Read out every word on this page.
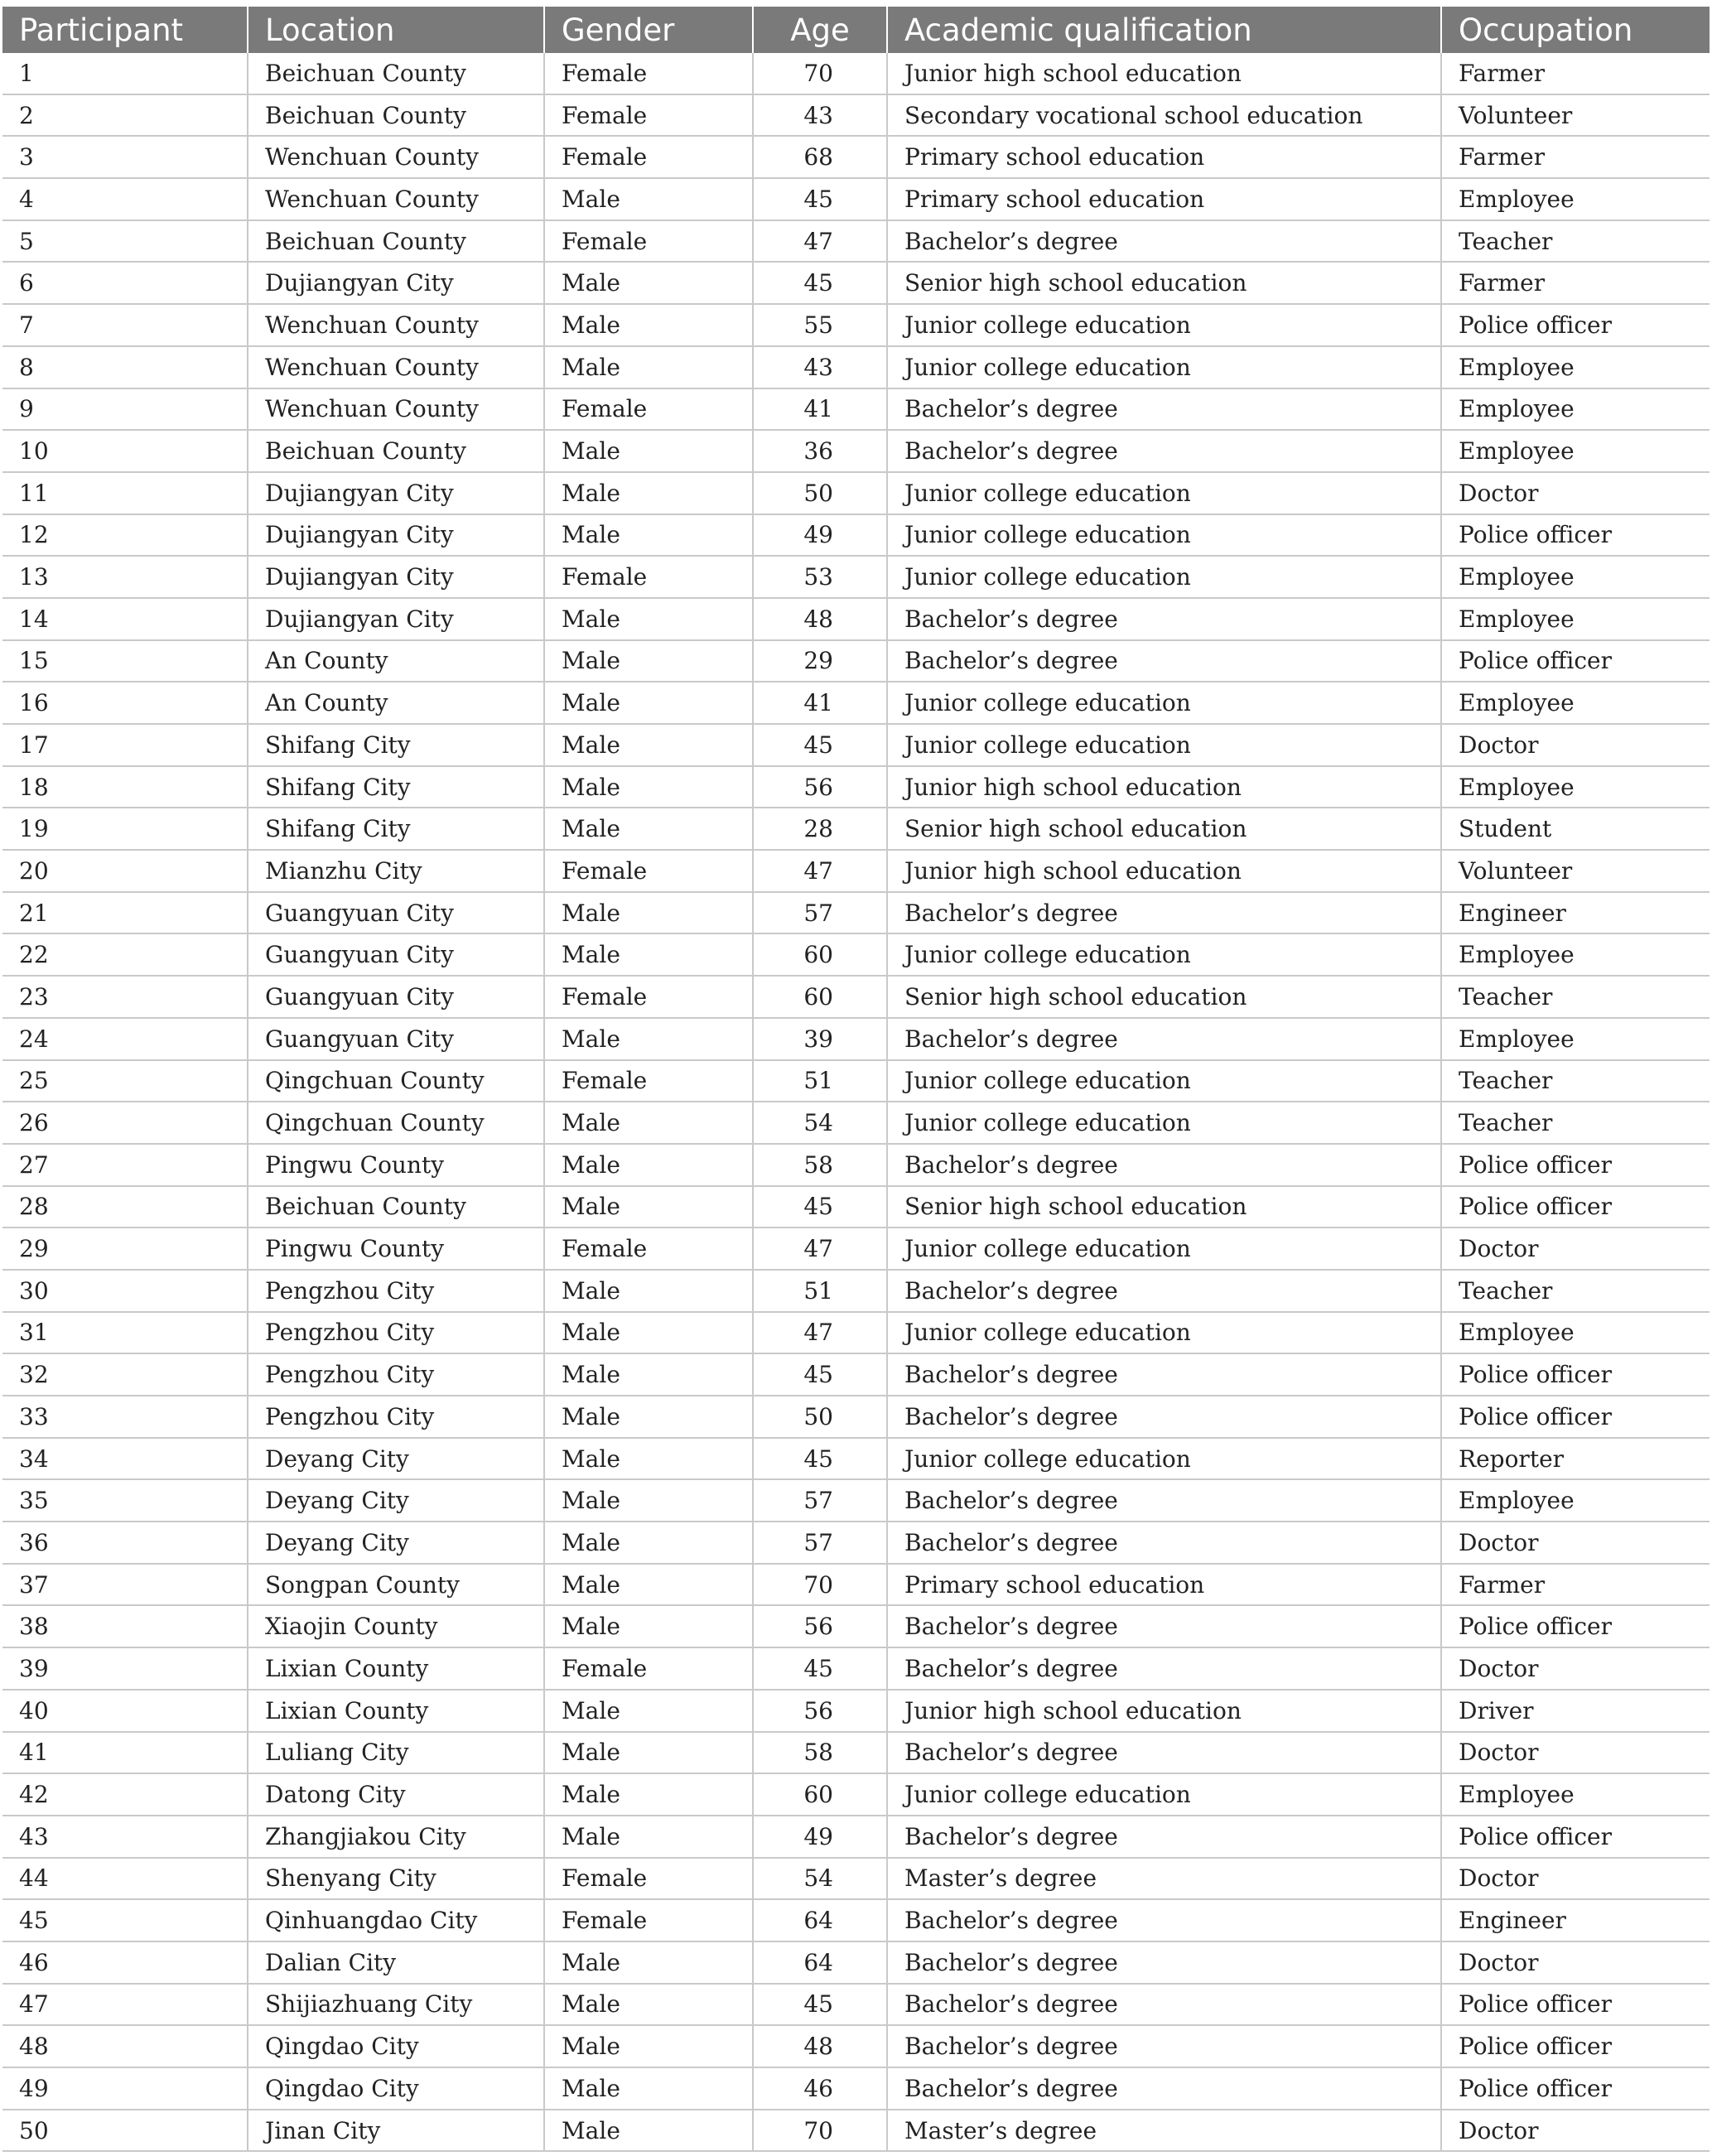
Participant	Location	Gender	Age	Academic qualification	Occupation
1	Beichuan County	Female	70	Junior high school education	Farmer
2	Beichuan County	Female	43	Secondary vocational school education	Volunteer
3	Wenchuan County	Female	68	Primary school education	Farmer
4	Wenchuan County	Male	45	Primary school education	Employee
5	Beichuan County	Female	47	Bachelor’s degree	Teacher
6	Dujiangyan City	Male	45	Senior high school education	Farmer
7	Wenchuan County	Male	55	Junior college education	Police officer
8	Wenchuan County	Male	43	Junior college education	Employee
9	Wenchuan County	Female	41	Bachelor’s degree	Employee
10	Beichuan County	Male	36	Bachelor’s degree	Employee
11	Dujiangyan City	Male	50	Junior college education	Doctor
12	Dujiangyan City	Male	49	Junior college education	Police officer
13	Dujiangyan City	Female	53	Junior college education	Employee
14	Dujiangyan City	Male	48	Bachelor’s degree	Employee
15	An County	Male	29	Bachelor’s degree	Police officer
16	An County	Male	41	Junior college education	Employee
17	Shifang City	Male	45	Junior college education	Doctor
18	Shifang City	Male	56	Junior high school education	Employee
19	Shifang City	Male	28	Senior high school education	Student
20	Mianzhu City	Female	47	Junior high school education	Volunteer
21	Guangyuan City	Male	57	Bachelor’s degree	Engineer
22	Guangyuan City	Male	60	Junior college education	Employee
23	Guangyuan City	Female	60	Senior high school education	Teacher
24	Guangyuan City	Male	39	Bachelor’s degree	Employee
25	Qingchuan County	Female	51	Junior college education	Teacher
26	Qingchuan County	Male	54	Junior college education	Teacher
27	Pingwu County	Male	58	Bachelor’s degree	Police officer
28	Beichuan County	Male	45	Senior high school education	Police officer
29	Pingwu County	Female	47	Junior college education	Doctor
30	Pengzhou City	Male	51	Bachelor’s degree	Teacher
31	Pengzhou City	Male	47	Junior college education	Employee
32	Pengzhou City	Male	45	Bachelor’s degree	Police officer
33	Pengzhou City	Male	50	Bachelor’s degree	Police officer
34	Deyang City	Male	45	Junior college education	Reporter
35	Deyang City	Male	57	Bachelor’s degree	Employee
36	Deyang City	Male	57	Bachelor’s degree	Doctor
37	Songpan County	Male	70	Primary school education	Farmer
38	Xiaojin County	Male	56	Bachelor’s degree	Police officer
39	Lixian County	Female	45	Bachelor’s degree	Doctor
40	Lixian County	Male	56	Junior high school education	Driver
41	Luliang City	Male	58	Bachelor’s degree	Doctor
42	Datong City	Male	60	Junior college education	Employee
43	Zhangjiakou City	Male	49	Bachelor’s degree	Police officer
44	Shenyang City	Female	54	Master’s degree	Doctor
45	Qinhuangdao City	Female	64	Bachelor’s degree	Engineer
46	Dalian City	Male	64	Bachelor’s degree	Doctor
47	Shijiazhuang City	Male	45	Bachelor’s degree	Police officer
48	Qingdao City	Male	48	Bachelor’s degree	Police officer
49	Qingdao City	Male	46	Bachelor’s degree	Police officer
50	Jinan City	Male	70	Master’s degree	Doctor
